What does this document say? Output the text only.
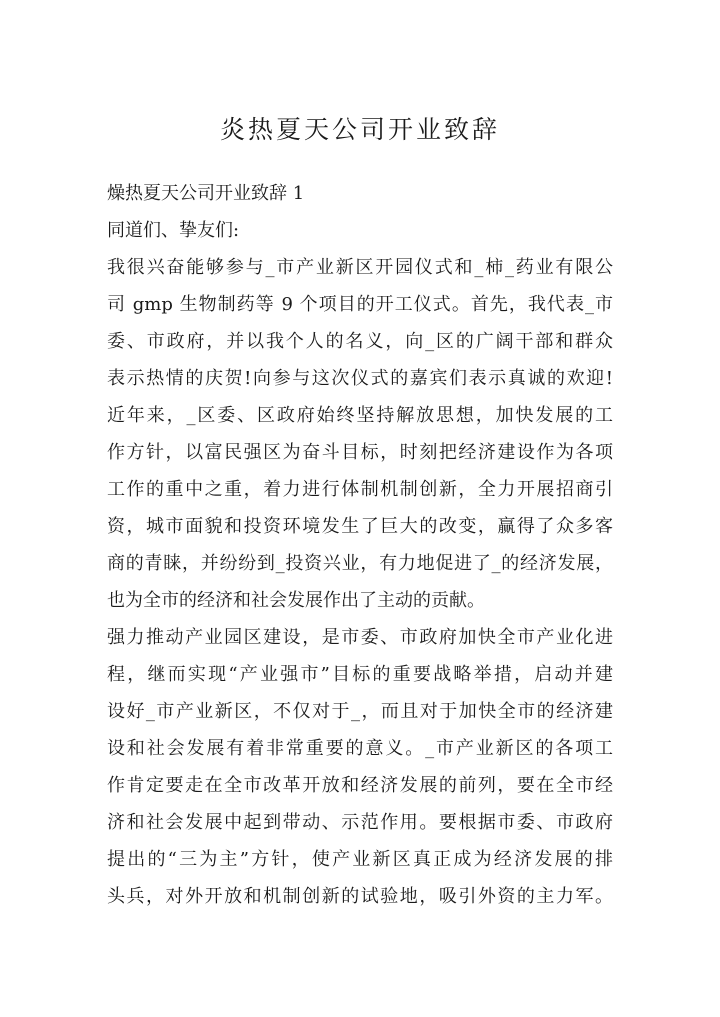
炎热夏天公司开业致辞
燥热夏天公司开业致辞 1
同道们、挚友们:
我很兴奋能够参与_市产业新区开园仪式和_柿_药业有限公
司 gmp 生物制药等 9 个项目的开工仪式。首先，我代表_市
委、市政府，并以我个人的名义，向_区的广阔干部和群众
表示热情的庆贺!向参与这次仪式的嘉宾们表示真诚的欢迎!
近年来，_区委、区政府始终坚持解放思想，加快发展的工
作方针，以富民强区为奋斗目标，时刻把经济建设作为各项
工作的重中之重，着力进行体制机制创新，全力开展招商引
资，城市面貌和投资环境发生了巨大的改变，赢得了众多客
商的青睐，并纷纷到_投资兴业，有力地促进了_的经济发展，
也为全市的经济和社会发展作出了主动的贡献。
强力推动产业园区建设，是市委、市政府加快全市产业化进
程，继而实现“产业强市”目标的重要战略举措，启动并建
设好_市产业新区，不仅对于_，而且对于加快全市的经济建
设和社会发展有着非常重要的意义。_市产业新区的各项工
作肯定要走在全市改革开放和经济发展的前列，要在全市经
济和社会发展中起到带动、示范作用。要根据市委、市政府
提出的“三为主”方针，使产业新区真正成为经济发展的排
头兵，对外开放和机制创新的试验地，吸引外资的主力军。
